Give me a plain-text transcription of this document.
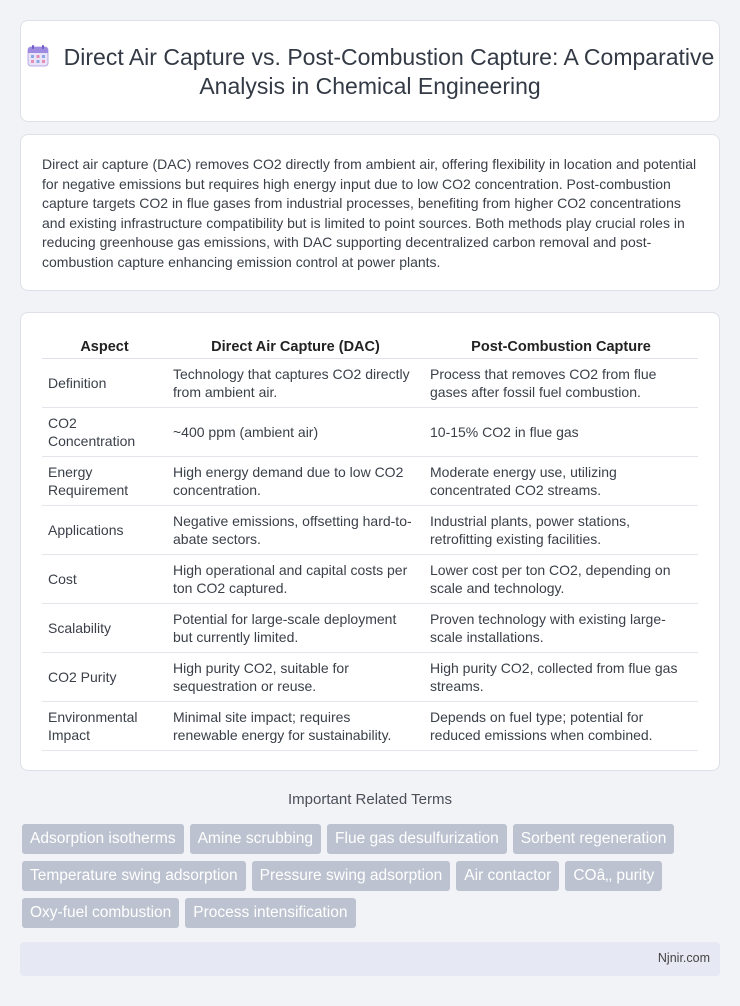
Direct Air Capture vs. Post-Combustion Capture: A Comparative Analysis in Chemical Engineering

Direct air capture (DAC) removes CO2 directly from ambient air, offering flexibility in location and potential for negative emissions but requires high energy input due to low CO2 concentration. Post-combustion capture targets CO2 in flue gases from industrial processes, benefiting from higher CO2 concentrations and existing infrastructure compatibility but is limited to point sources. Both methods play crucial roles in reducing greenhouse gas emissions, with DAC supporting decentralized carbon removal and post-combustion capture enhancing emission control at power plants.

Aspect	Direct Air Capture (DAC)	Post-Combustion Capture
Definition	Technology that captures CO2 directly from ambient air.	Process that removes CO2 from flue gases after fossil fuel combustion.
CO2 Concentration	~400 ppm (ambient air)	10-15% CO2 in flue gas
Energy Requirement	High energy demand due to low CO2 concentration.	Moderate energy use, utilizing concentrated CO2 streams.
Applications	Negative emissions, offsetting hard-to-abate sectors.	Industrial plants, power stations, retrofitting existing facilities.
Cost	High operational and capital costs per ton CO2 captured.	Lower cost per ton CO2, depending on scale and technology.
Scalability	Potential for large-scale deployment but currently limited.	Proven technology with existing large-scale installations.
CO2 Purity	High purity CO2, suitable for sequestration or reuse.	High purity CO2, collected from flue gas streams.
Environmental Impact	Minimal site impact; requires renewable energy for sustainability.	Depends on fuel type; potential for reduced emissions when combined.
Important Related Terms
Adsorption isotherms	Amine scrubbing	Flue gas desulfurization	Sorbent regeneration
Temperature swing adsorption	Pressure swing adsorption	Air contactor	COâ‚‚ purity
Oxy-fuel combustion	Process intensification
Njnir.com
